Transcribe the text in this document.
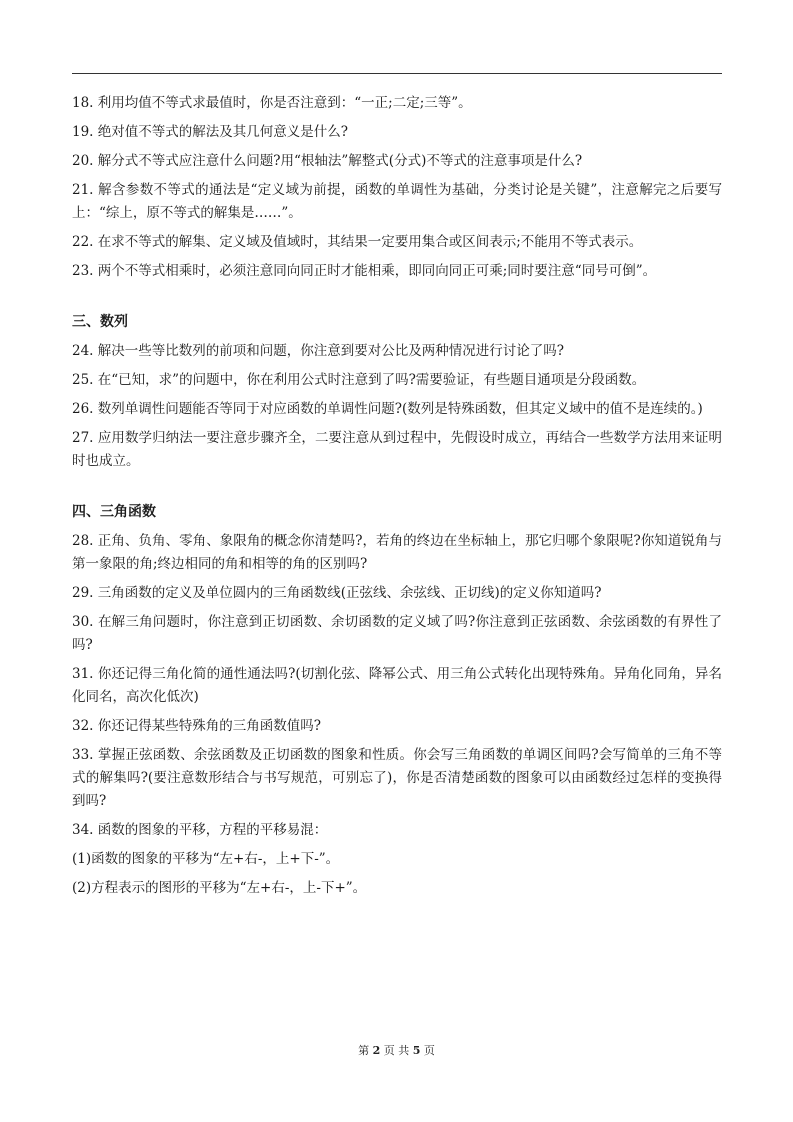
18. 利用均值不等式求最值时，你是否注意到：“一正;二定;三等”。

19. 绝对值不等式的解法及其几何意义是什么?

20. 解分式不等式应注意什么问题?用“根轴法”解整式(分式)不等式的注意事项是什么?

21. 解含参数不等式的通法是“定义域为前提，函数的单调性为基础，分类讨论是关键”，注意解完之后要写上：“综上，原不等式的解集是……”。

22. 在求不等式的解集、定义域及值域时，其结果一定要用集合或区间表示;不能用不等式表示。

23. 两个不等式相乘时，必须注意同向同正时才能相乘，即同向同正可乘;同时要注意“同号可倒”。

三、数列

24. 解决一些等比数列的前项和问题，你注意到要对公比及两种情况进行讨论了吗?

25. 在“已知，求”的问题中，你在利用公式时注意到了吗?需要验证，有些题目通项是分段函数。

26. 数列单调性问题能否等同于对应函数的单调性问题?(数列是特殊函数，但其定义域中的值不是连续的。)

27. 应用数学归纳法一要注意步骤齐全，二要注意从到过程中，先假设时成立，再结合一些数学方法用来证明时也成立。

四、三角函数

28. 正角、负角、零角、象限角的概念你清楚吗?，若角的终边在坐标轴上，那它归哪个象限呢?你知道锐角与第一象限的角;终边相同的角和相等的角的区别吗?

29. 三角函数的定义及单位圆内的三角函数线(正弦线、余弦线、正切线)的定义你知道吗?

30. 在解三角问题时，你注意到正切函数、余切函数的定义域了吗?你注意到正弦函数、余弦函数的有界性了吗?

31. 你还记得三角化简的通性通法吗?(切割化弦、降幂公式、用三角公式转化出现特殊角。异角化同角，异名化同名，高次化低次)

32. 你还记得某些特殊角的三角函数值吗?

33. 掌握正弦函数、余弦函数及正切函数的图象和性质。你会写三角函数的单调区间吗?会写简单的三角不等式的解集吗?(要注意数形结合与书写规范，可别忘了)，你是否清楚函数的图象可以由函数经过怎样的变换得到吗?

34. 函数的图象的平移，方程的平移易混：

(1)函数的图象的平移为“左+右-，上+下-”。

(2)方程表示的图形的平移为“左+右-，上-下+”。

第 2 页 共 5 页
